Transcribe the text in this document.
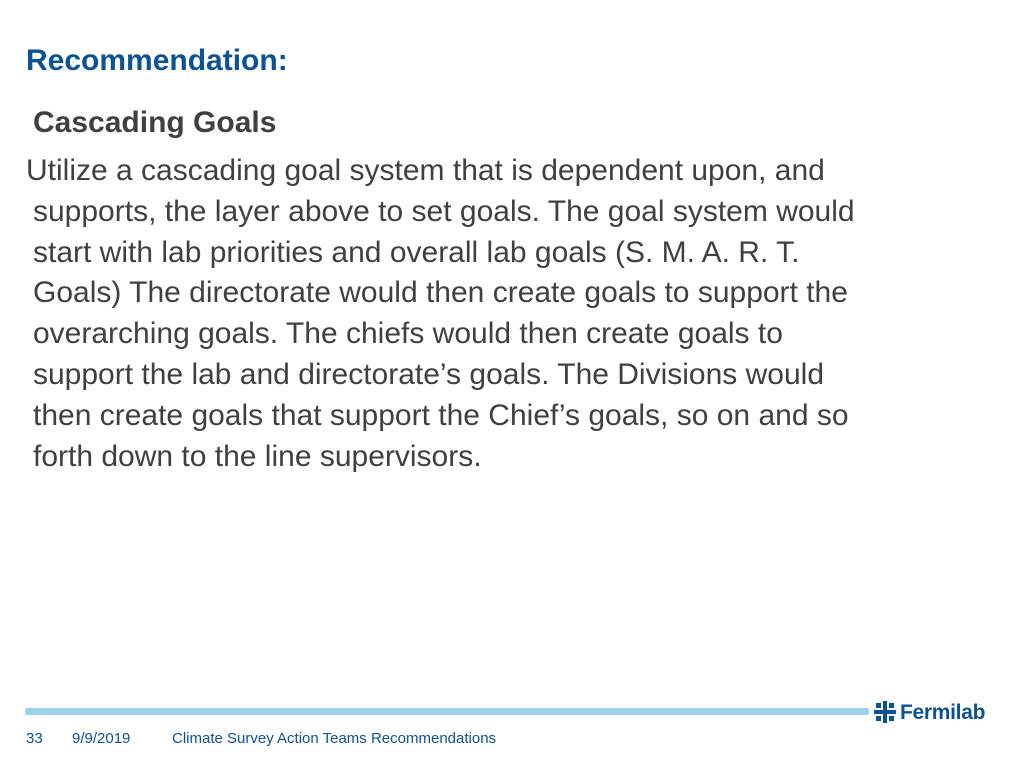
Recommendation:
Cascading Goals
Utilize a cascading goal system that is dependent upon, and
supports, the layer above to set goals. The goal system would
start with lab priorities and overall lab goals (S. M. A. R. T.
Goals) The directorate would then create goals to support the
overarching goals. The chiefs would then create goals to
support the lab and directorate’s goals. The Divisions would
then create goals that support the Chief’s goals, so on and so
forth down to the line supervisors.
Fermilab
33 9/9/2019	Climate Survey Action Teams Recommendations
